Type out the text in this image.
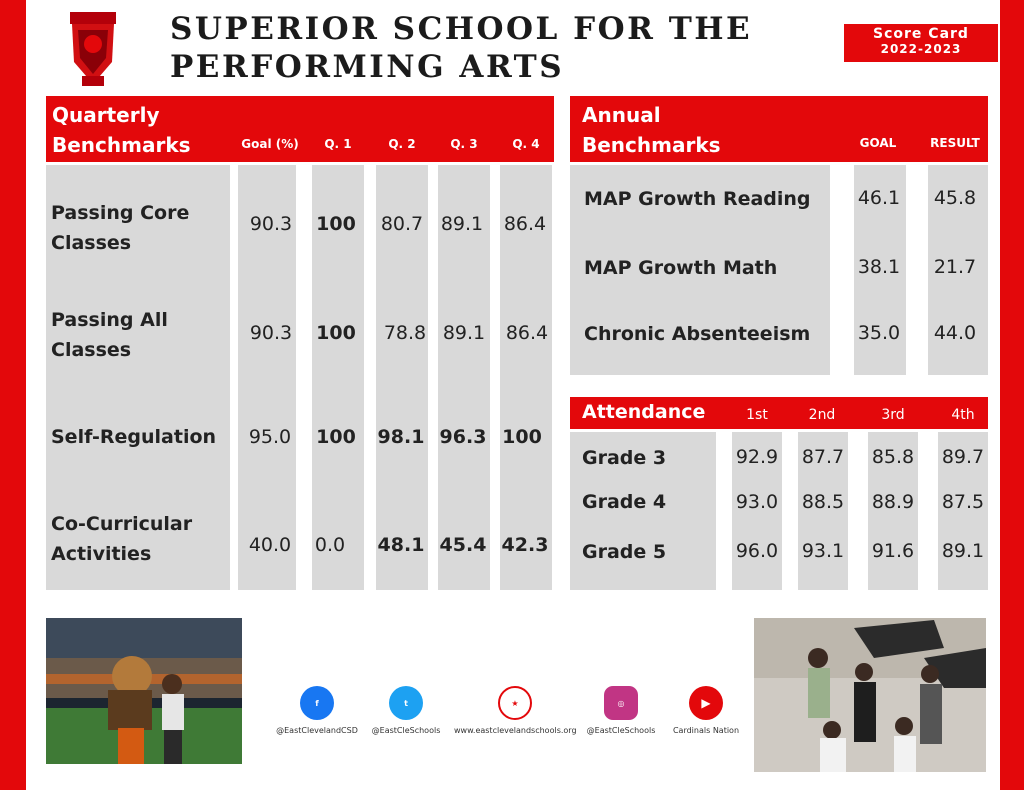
SUPERIOR SCHOOL FOR THE
PERFORMING ARTS
Score Card
2022-2023
Quarterly
Benchmarks	Goal (%)	Q. 1	Q. 2	Q. 3	Q. 4
Passing Core
Classes
90.3	100	80.7 89.1	86.4
Passing All
Classes
90.3	100	78.8 89.1	86.4
Self-Regulation	95.0	100	98.1 96.3 100
Co-Curricular
Activities	40.0	0.0	48.1 45.4 42.3
Annual
Benchmarks	GOAL	RESULT
MAP Growth Reading	46.1	45.8
MAP Growth Math	38.1	21.7
Chronic Absenteeism	35.0	44.0
Attendance	1st	2nd	3rd	4th
Grade 3	92.9	87.7	85.8	89.7
Grade 4	93.0	88.5	88.9	87.5
Grade 5	96.0	93.1	91.6	89.1
f
@EastClevelandCSD
t
@EastCleSchools
★
www.eastclevelandschools.org
◎
@EastCleSchools
▶
Cardinals Nation
